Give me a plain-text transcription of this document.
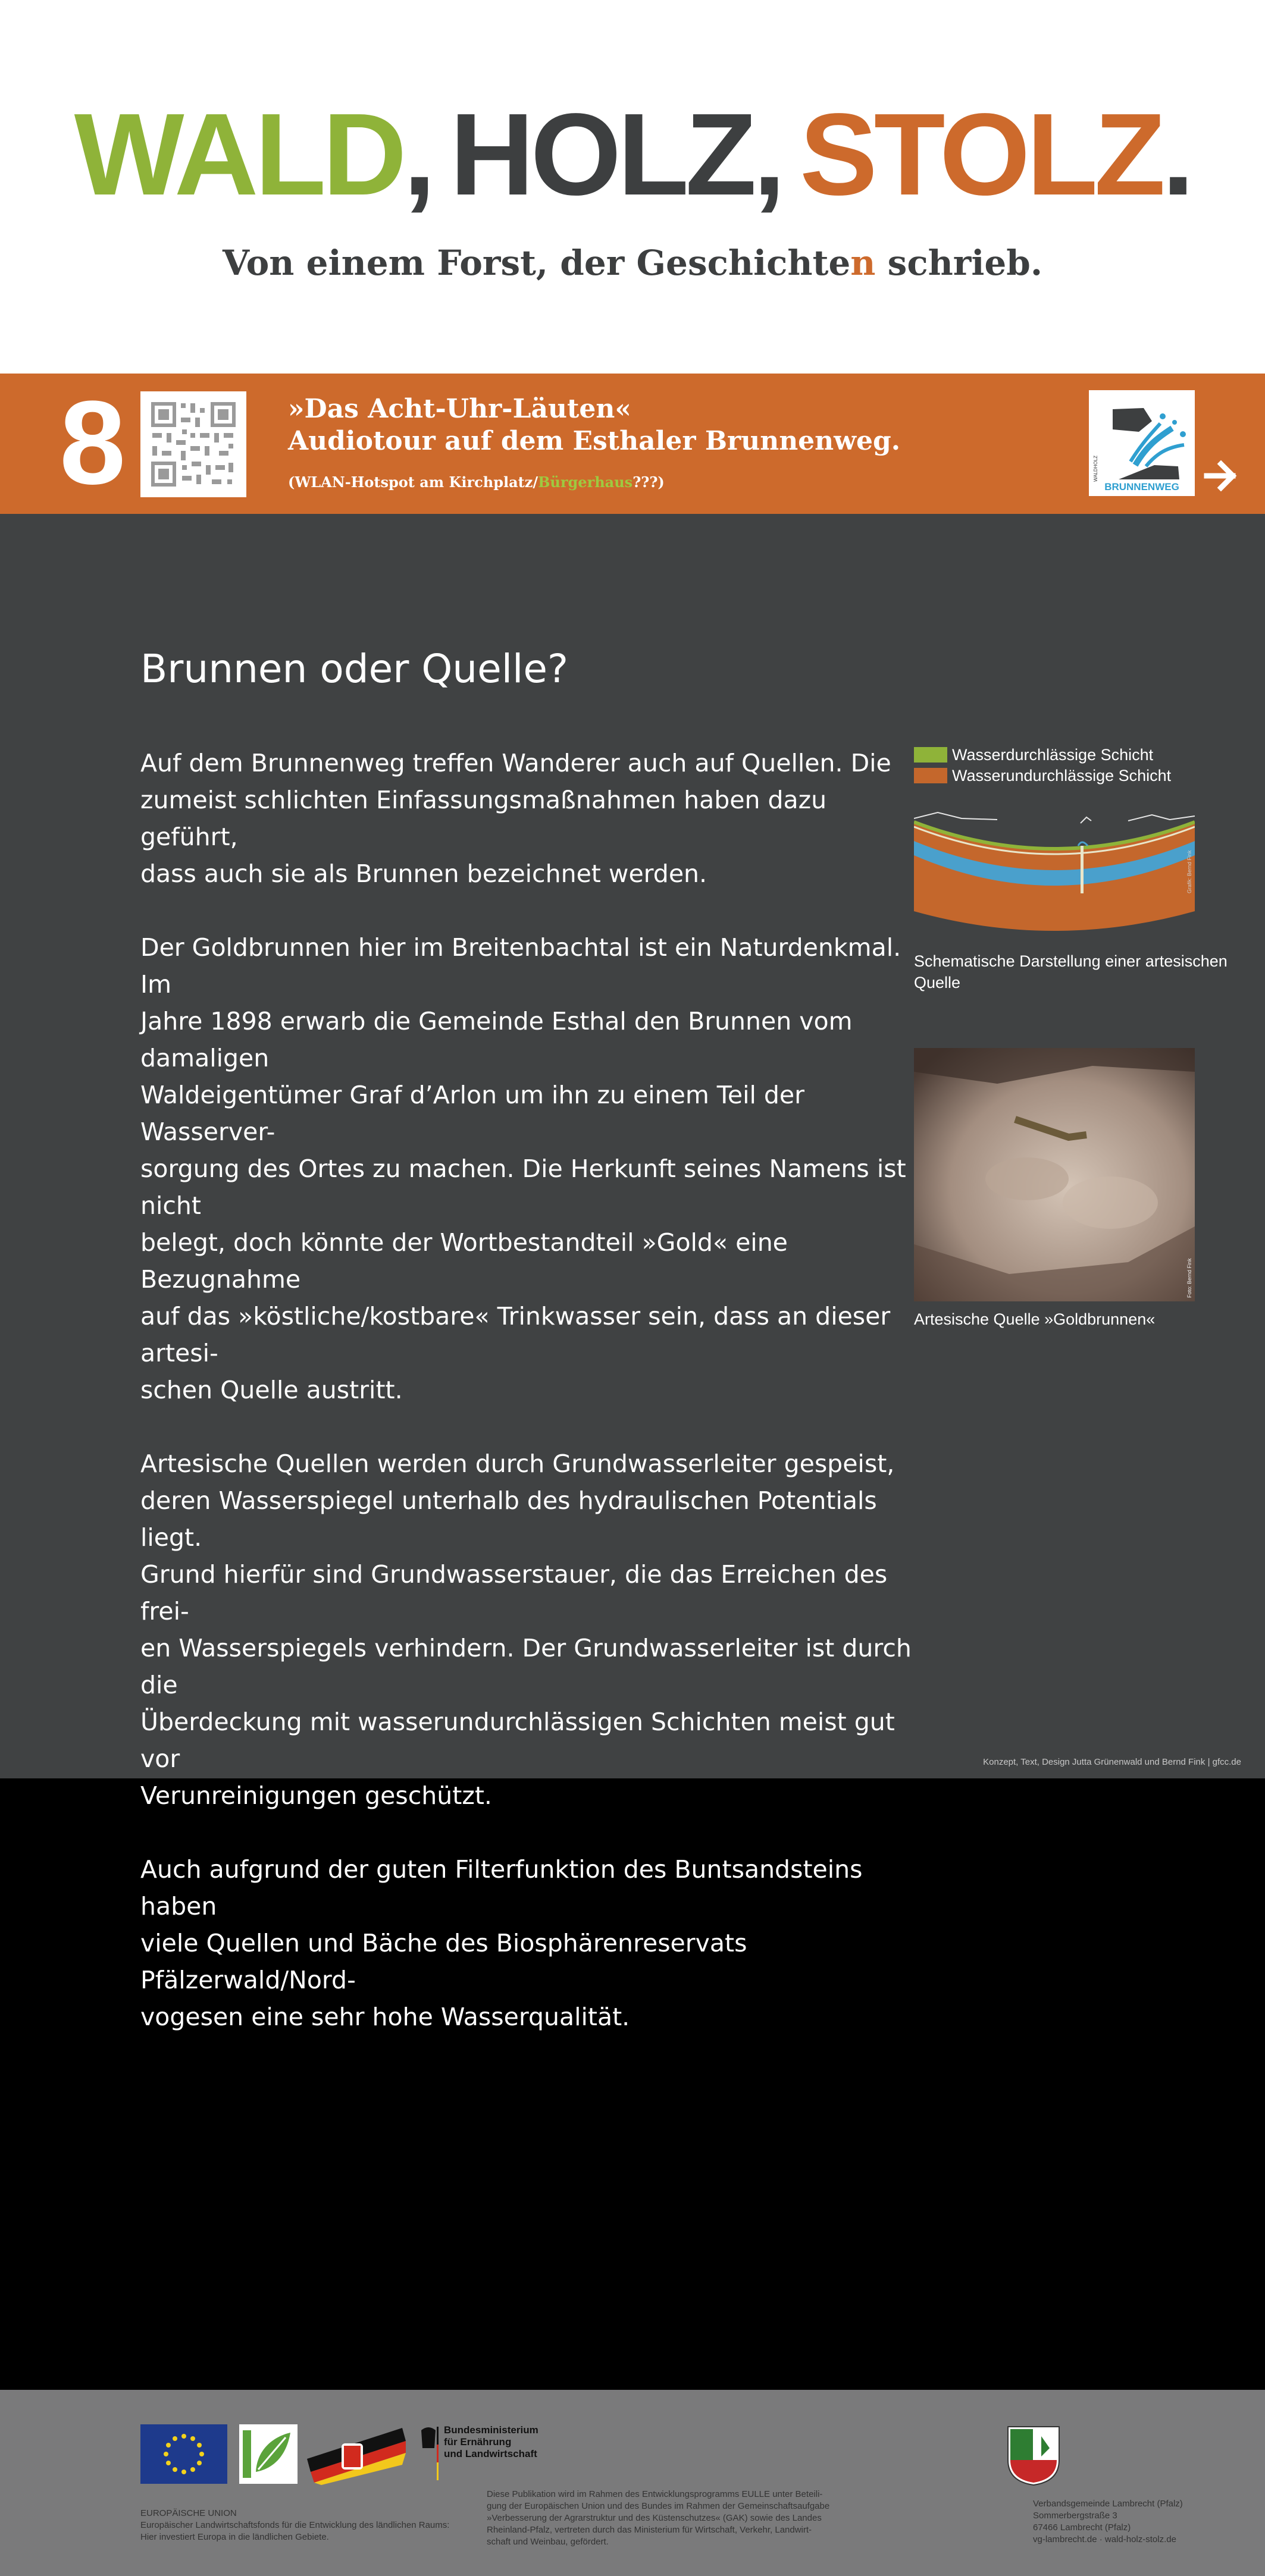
WALD, HOLZ, STOLZ.
Von einem Forst, der Geschichten schrieb.
8	»Das Acht-Uhr-Läuten«
Audiotour auf dem Esthaler Brunnenweg.
(WLAN-Hotspot am Kirchplatz/Bürgerhaus???)
WALDHOLZ
BRUNNENWEG
Brunnen oder Quelle?

Auf dem Brunnenweg treffen Wanderer auch auf Quellen. Die
zumeist schlichten Einfassungsmaßnahmen haben dazu geführt,
dass auch sie als Brunnen bezeichnet werden.

Der Goldbrunnen hier im Breitenbachtal ist ein Naturdenkmal. Im
Jahre 1898 erwarb die Gemeinde Esthal den Brunnen vom damaligen
Waldeigentümer Graf d’Arlon um ihn zu einem Teil der Wasserver-
sorgung des Ortes zu machen. Die Herkunft seines Namens ist nicht
belegt, doch könnte der Wortbestandteil »Gold« eine Bezugnahme
auf das »köstliche/kostbare« Trinkwasser sein, dass an dieser artesi-
schen Quelle austritt.

Artesische Quellen werden durch Grundwasserleiter gespeist,
deren Wasserspiegel unterhalb des hydraulischen Potentials liegt.
Grund hierfür sind Grundwasserstauer, die das Erreichen des frei-
en Wasserspiegels verhindern. Der Grundwasserleiter ist durch die
Überdeckung mit wasserundurchlässigen Schichten meist gut vor
Verunreinigungen geschützt.

Auch aufgrund der guten Filterfunktion des Buntsandsteins haben
viele Quellen und Bäche des Biosphärenreservats Pfälzerwald/Nord-
vogesen eine sehr hohe Wasserqualität.

Wasserdurchlässige Schicht
Wasserundurchlässige Schicht
Grafik: Bernd Fink
Schematische Darstellung einer artesischen
Quelle
Foto: Bernd Fink
Artesische Quelle »Goldbrunnen«
Konzept, Text, Design Jutta Grünenwald und Bernd Fink | gfcc.de
Bundesministerium
für Ernährung
und Landwirtschaft
EUROPÄISCHE UNION
Europäischer Landwirtschaftsfonds für die Entwicklung des ländlichen Raums:
Hier investiert Europa in die ländlichen Gebiete.
Diese Publikation wird im Rahmen des Entwicklungsprogramms EULLE unter Beteili-
gung der Europäischen Union und des Bundes im Rahmen der Gemeinschaftsaufgabe
»Verbesserung der Agrarstruktur und des Küstenschutzes« (GAK) sowie des Landes
Rheinland-Pfalz, vertreten durch das Ministerium für Wirtschaft, Verkehr, Landwirt-
schaft und Weinbau, gefördert.
Verbandsgemeinde Lambrecht (Pfalz)
Sommerbergstraße 3
67466 Lambrecht (Pfalz)
vg-lambrecht.de · wald-holz-stolz.de
